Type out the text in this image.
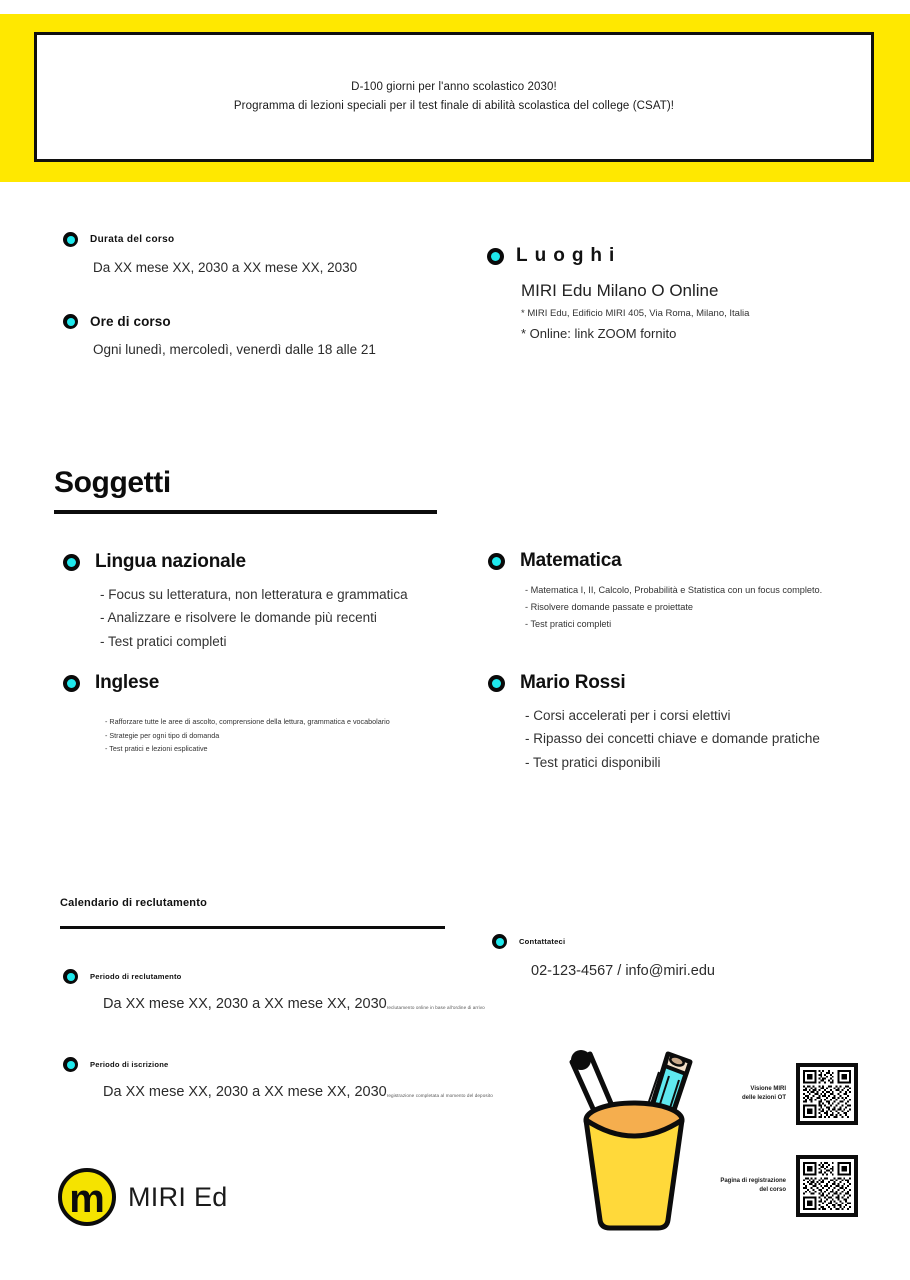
D-100 giorni per l'anno scolastico 2030!
Programma di lezioni speciali per il test finale di abilità scolastica del college (CSAT)!
Durata del corso
Da XX mese XX, 2030 a XX mese XX, 2030
Ore di corso
Ogni lunedì, mercoledì, venerdì dalle 18 alle 21
Luoghi
MIRI Edu Milano O Online
* MIRI Edu, Edificio MIRI 405, Via Roma, Milano, Italia
* Online: link ZOOM fornito
Soggetti
Lingua nazionale
- Focus su letteratura, non letteratura e grammatica
- Analizzare e risolvere le domande più recenti
- Test pratici completi
Matematica
- Matematica I, II, Calcolo, Probabilità e Statistica con un focus completo.
- Risolvere domande passate e proiettate
- Test pratici completi
Inglese
- Rafforzare tutte le aree di ascolto, comprensione della lettura, grammatica e vocabolario
- Strategie per ogni tipo di domanda
- Test pratici e lezioni esplicative
Mario Rossi
- Corsi accelerati per i corsi elettivi
- Ripasso dei concetti chiave e domande pratiche
- Test pratici disponibili
Calendario di reclutamento
Periodo di reclutamento
Da XX mese XX, 2030 a XX mese XX, 2030 reclutamento online in base all'ordine di arrivo
Periodo di iscrizione
Da XX mese XX, 2030 a XX mese XX, 2030 registrazione completata al momento del deposito
Contattateci
02-123-4567 / info@miri.edu
Visione MIRI
delle lezioni OT
Pagina di registrazione
del corso
m MIRI Ed
